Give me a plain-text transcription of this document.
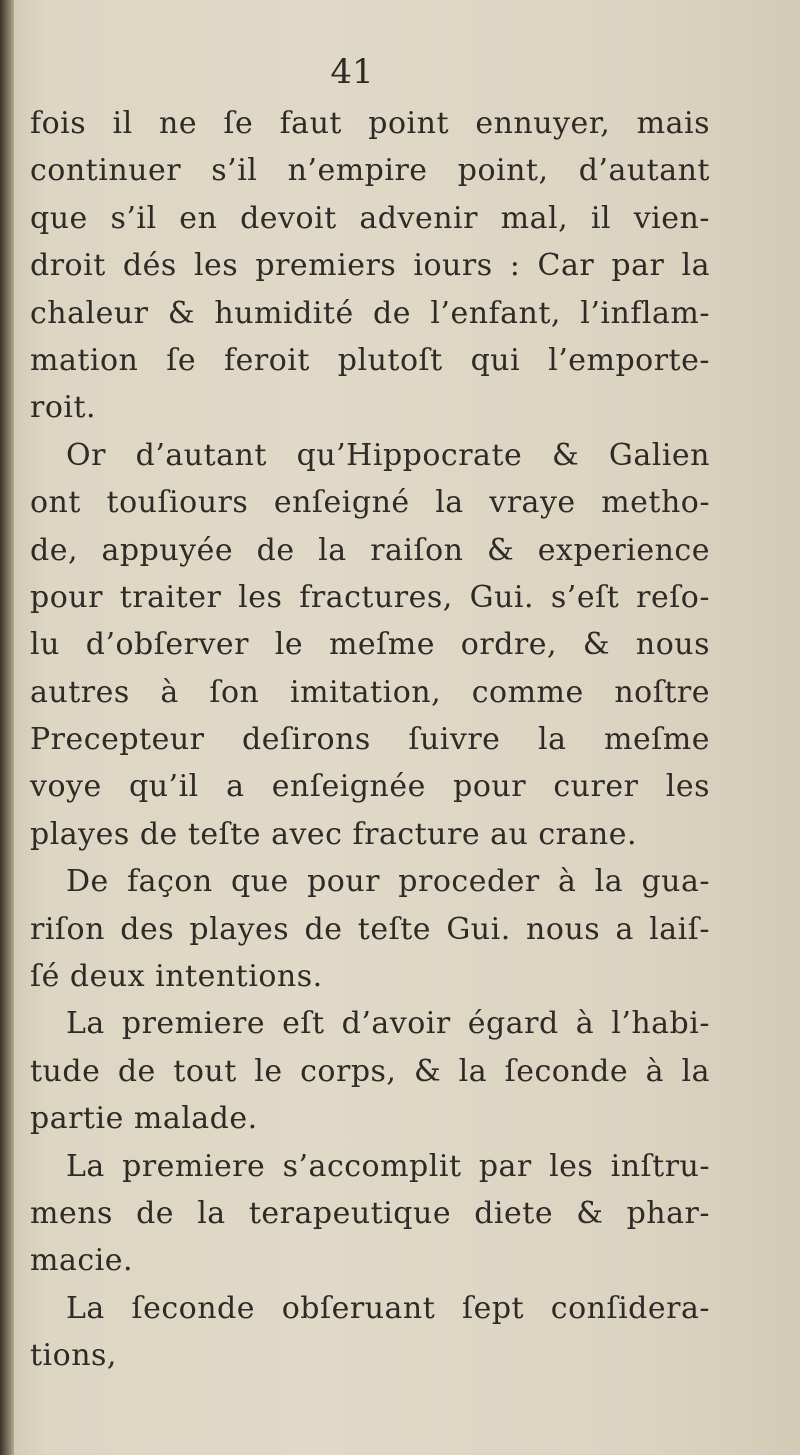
41
fois il ne ſe faut point ennuyer, mais
continuer s’il n’empire point, d’autant
que s’il en devoit advenir mal, il vien-
droit dés les premiers iours : Car par la
chaleur & humidité de l’enfant, l’inflam-
mation ſe feroit plutoſt qui l’emporte-
roit.
Or d’autant qu’Hippocrate & Galien
ont touſiours enſeigné la vraye metho-
de, appuyée de la raiſon & experience
pour traiter les fractures, Gui. s’eſt reſo-
lu d’obſerver le meſme ordre, & nous
autres à ſon imitation, comme noſtre
Precepteur deſirons ſuivre la meſme
voye qu’il a enſeignée pour curer les
playes de teſte avec fracture au crane.
De façon que pour proceder à la gua-
riſon des playes de teſte Gui. nous a laiſ-
ſé deux intentions.
La premiere eſt d’avoir égard à l’habi-
tude de tout le corps, & la ſeconde à la
partie malade.
La premiere s’accomplit par les inſtru-
mens de la terapeutique diete & phar-
macie.
La ſeconde obſeruant ſept conſidera-
tions,
